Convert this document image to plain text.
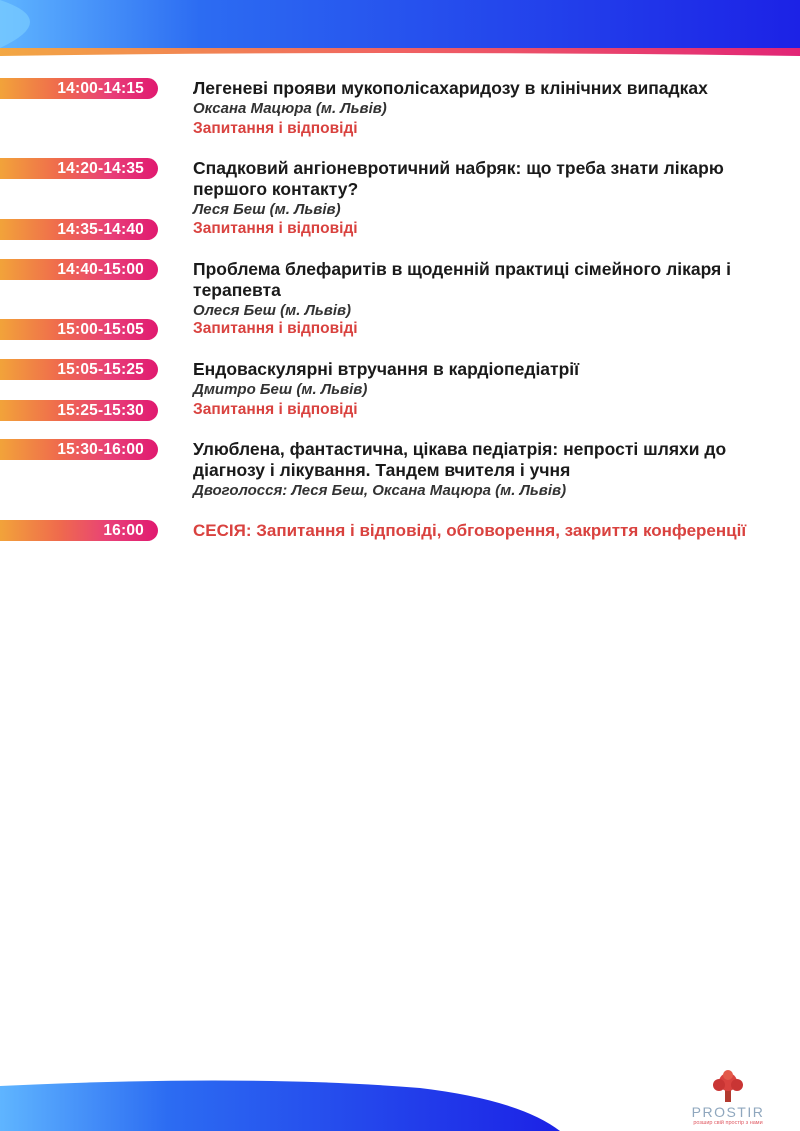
14:00-14:15	Легеневі прояви мукополісахаридозу в клінічних випадках
Оксана Мацюра (м. Львів)
Запитання і відповіді
14:20-14:35	Спадковий ангіоневротичний набряк: що треба знати лікарю першого контакту?
Леся Беш (м. Львів)
14:35-14:40	Запитання і відповіді
14:40-15:00	Проблема блефаритів в щоденній практиці сімейного лікаря і терапевта
Олеся Беш (м. Львів)
15:00-15:05	Запитання і відповіді
15:05-15:25	Ендоваскулярні втручання в кардіопедіатрії
Дмитро Беш (м. Львів)
15:25-15:30	Запитання і відповіді
15:30-16:00	Улюблена, фантастична, цікава педіатрія: непрості шляхи до діагнозу і лікування. Тандем вчителя і учня
Двоголосся: Леся Беш, Оксана Мацюра (м. Львів)
16:00	СЕСІЯ: Запитання і відповіді, обговорення, закриття конференції
PROSTIR
розшир свій простір з нами
